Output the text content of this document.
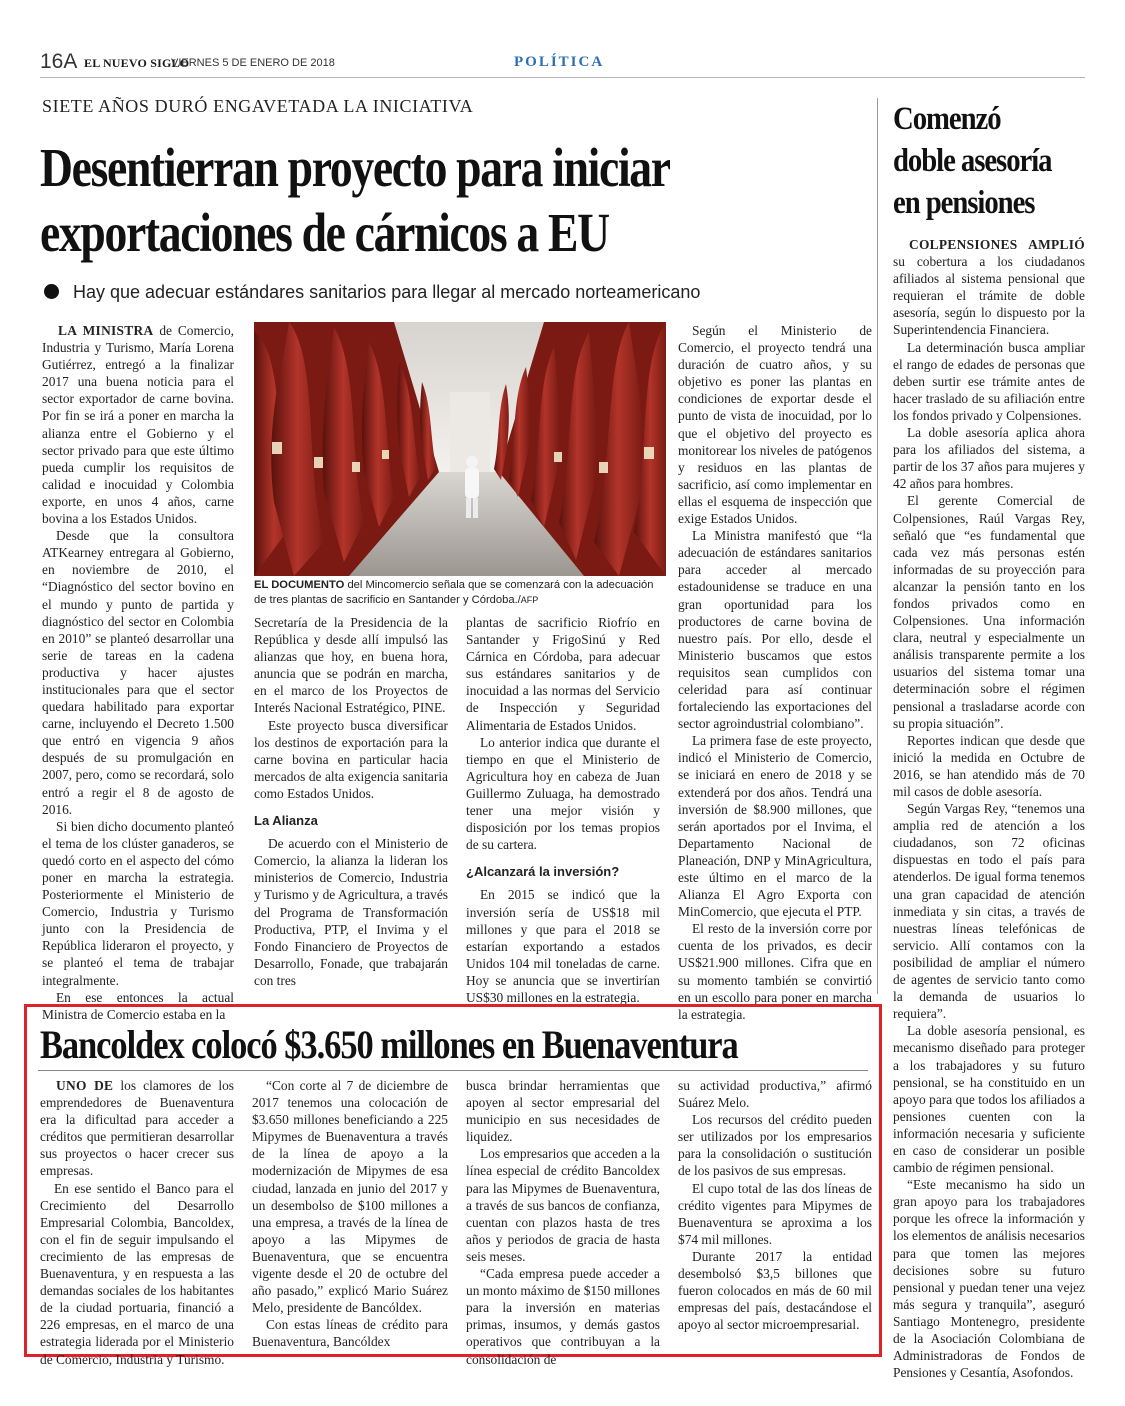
16A EL NUEVO SIGLO
VIERNES 5 DE ENERO DE 2018	POLÍTICA
SIETE AÑOS DURÓ ENGAVETADA LA INICIATIVA
Desentierran proyecto para iniciar
exportaciones de cárnicos a EU
Hay que adecuar estándares sanitarios para llegar al mercado norteamericano

LA MINISTRA de Comercio, Industria y Turismo, María Lorena Gutiérrez, entregó a la finalizar 2017 una buena noticia para el sector exportador de carne bovina. Por fin se irá a poner en marcha la alianza entre el Gobierno y el sector privado para que este último pueda cumplir los requisitos de calidad e inocuidad y Colombia exporte, en unos 4 años, carne bovina a los Estados Unidos.

Desde que la consultora ATKearney entregara al Gobierno, en noviembre de 2010, el “Diagnóstico del sector bovino en el mundo y punto de partida y diagnóstico del sector en Colombia en 2010” se planteó desarrollar una serie de tareas en la cadena productiva y hacer ajustes institucionales para que el sector quedara habilitado para exportar carne, incluyendo el Decreto 1.500 que entró en vigencia 9 años después de su promulgación en 2007, pero, como se recordará, solo entró a regir el 8 de agosto de 2016.

Si bien dicho documento planteó el tema de los clúster ganaderos, se quedó corto en el aspecto del cómo poner en marcha la estrategia. Posteriormente el Ministerio de Comercio, Industria y Turismo junto con la Presidencia de República lideraron el proyecto, y se planteó el tema de trabajar integralmente.

En ese entonces la actual Ministra de Comercio estaba en la

EL DOCUMENTO del Mincomercio señala que se comenzará con la adecuación de tres plantas de sacrificio en Santander y Córdoba./AFP

Secretaría de la Presidencia de la República y desde allí impulsó las alianzas que hoy, en buena hora, anuncia que se podrán en marcha, en el marco de los Proyectos de Interés Nacional Estratégico, PINE.

Este proyecto busca diversificar los destinos de exportación para la carne bovina en particular hacia mercados de alta exigencia sanitaria como Estados Unidos.

La Alianza

De acuerdo con el Ministerio de Comercio, la alianza la lideran los ministerios de Comercio, Industria y Turismo y de Agricultura, a través del Programa de Transformación Productiva, PTP, el Invima y el Fondo Financiero de Proyectos de Desarrollo, Fonade, que trabajarán con tres

plantas de sacrificio Riofrío en Santander y FrigoSinú y Red Cárnica en Córdoba, para adecuar sus estándares sanitarios y de inocuidad a las normas del Servicio de Inspección y Seguridad Alimentaria de Estados Unidos.

Lo anterior indica que durante el tiempo en que el Ministerio de Agricultura hoy en cabeza de Juan Guillermo Zuluaga, ha demostrado tener una mejor visión y disposición por los temas propios de su cartera.

¿Alcanzará la inversión?

En 2015 se indicó que la inversión sería de US$18 mil millones y que para el 2018 se estarían exportando a estados Unidos 104 mil toneladas de carne. Hoy se anuncia que se invertirían US$30 millones en la estrategia.

Según el Ministerio de Comercio, el proyecto tendrá una duración de cuatro años, y su objetivo es poner las plantas en condiciones de exportar desde el punto de vista de inocuidad, por lo que el objetivo del proyecto es monitorear los niveles de patógenos y residuos en las plantas de sacrificio, así como implementar en ellas el esquema de inspección que exige Estados Unidos.

La Ministra manifestó que “la adecuación de estándares sanitarios para acceder al mercado estadounidense se traduce en una gran oportunidad para los productores de carne bovina de nuestro país. Por ello, desde el Ministerio buscamos que estos requisitos sean cumplidos con celeridad para así continuar fortaleciendo las exportaciones del sector agroindustrial colombiano”.

La primera fase de este proyecto, indicó el Ministerio de Comercio, se iniciará en enero de 2018 y se extenderá por dos años. Tendrá una inversión de $8.900 millones, que serán aportados por el Invima, el Departamento Nacional de Planeación, DNP y MinAgricultura, este último en el marco de la Alianza El Agro Exporta con MinComercio, que ejecuta el PTP.

El resto de la inversión corre por cuenta de los privados, es decir US$21.900 millones. Cifra que en su momento también se convirtió en un escollo para poner en marcha la estrategia.

Comenzó doble asesoría en pensiones

COLPENSIONES AMPLIÓ su cobertura a los ciudadanos afiliados al sistema pensional que requieran el trámite de doble asesoría, según lo dispuesto por la Superintendencia Financiera.

La determinación busca ampliar el rango de edades de personas que deben surtir ese trámite antes de hacer traslado de su afiliación entre los fondos privado y Colpensiones.

La doble asesoría aplica ahora para los afiliados del sistema, a partir de los 37 años para mujeres y 42 años para hombres.

El gerente Comercial de Colpensiones, Raúl Vargas Rey, señaló que “es fundamental que cada vez más personas estén informadas de su proyección para alcanzar la pensión tanto en los fondos privados como en Colpensiones. Una información clara, neutral y especialmente un análisis transparente permite a los usuarios del sistema tomar una determinación sobre el régimen pensional a trasladarse acorde con su propia situación”.

Reportes indican que desde que inició la medida en Octubre de 2016, se han atendido más de 70 mil casos de doble asesoría.

Según Vargas Rey, “tenemos una amplia red de atención a los ciudadanos, son 72 oficinas dispuestas en todo el país para atenderlos. De igual forma tenemos una gran capacidad de atención inmediata y sin citas, a través de nuestras líneas telefónicas de servicio. Allí contamos con la posibilidad de ampliar el número de agentes de servicio tanto como la demanda de usuarios lo requiera”.

La doble asesoría pensional, es mecanismo diseñado para proteger a los trabajadores y su futuro pensional, se ha constituido en un apoyo para que todos los afiliados a pensiones cuenten con la información necesaria y suficiente en caso de considerar un posible cambio de régimen pensional.

“Este mecanismo ha sido un gran apoyo para los trabajadores porque les ofrece la información y los elementos de análisis necesarios para que tomen las mejores decisiones sobre su futuro pensional y puedan tener una vejez más segura y tranquila”, aseguró Santiago Montenegro, presidente de la Asociación Colombiana de Administradoras de Fondos de Pensiones y Cesantía, Asofondos.

Bancoldex colocó $3.650 millones en Buenaventura

UNO DE los clamores de los emprendedores de Buenaventura era la dificultad para acceder a créditos que permitieran desarrollar sus proyectos o hacer crecer sus empresas.

En ese sentido el Banco para el Crecimiento del Desarrollo Empresarial Colombia, Bancoldex, con el fin de seguir impulsando el crecimiento de las empresas de Buenaventura, y en respuesta a las demandas sociales de los habitantes de la ciudad portuaria, financió a 226 empresas, en el marco de una estrategia liderada por el Ministerio de Comercio, Industria y Turismo.

“Con corte al 7 de diciembre de 2017 tenemos una colocación de $3.650 millones beneficiando a 225 Mipymes de Buenaventura a través de la línea de apoyo a la modernización de Mipymes de esa ciudad, lanzada en junio del 2017 y un desembolso de $100 millones a una empresa, a través de la línea de apoyo a las Mipymes de Buenaventura, que se encuentra vigente desde el 20 de octubre del año pasado,” explicó Mario Suárez Melo, presidente de Bancóldex.

Con estas líneas de crédito para Buenaventura, Bancóldex

busca brindar herramientas que apoyen al sector empresarial del municipio en sus necesidades de liquidez.

Los empresarios que acceden a la línea especial de crédito Bancoldex para las Mipymes de Buenaventura, a través de sus bancos de confianza, cuentan con plazos hasta de tres años y periodos de gracia de hasta seis meses.

“Cada empresa puede acceder a un monto máximo de $150 millones para la inversión en materias primas, insumos, y demás gastos operativos que contribuyan a la consolidación de

su actividad productiva,” afirmó Suárez Melo.

Los recursos del crédito pueden ser utilizados por los empresarios para la consolidación o sustitución de los pasivos de sus empresas.

El cupo total de las dos líneas de crédito vigentes para Mipymes de Buenaventura se aproxima a los $74 mil millones.

Durante 2017 la entidad desembolsó $3,5 billones que fueron colocados en más de 60 mil empresas del país, destacándose el apoyo al sector microempresarial.
